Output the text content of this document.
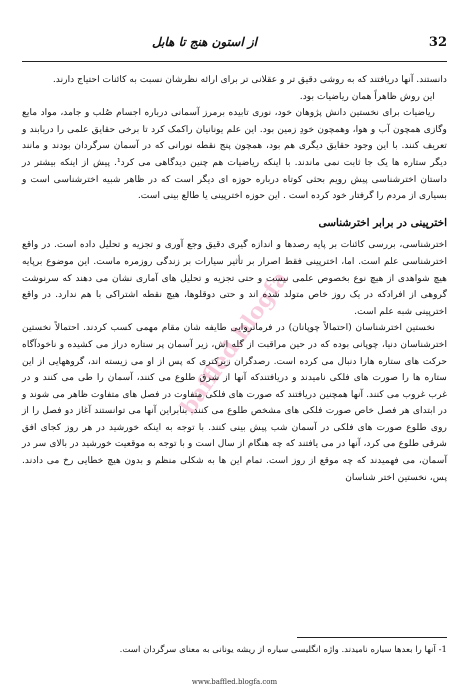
32
از استون هنج تا هابل
baffled.blogfa

دانستند. آنها دریافتند که به روشی دقیق تر و عقلانی تر برای ارائه نظرشان نسبت به کائنات احتیاج دارند.

این روش ظاهراً همان ریاضیات بود.

ریاضیات برای نخستین دانش پژوهان خود، نوری تابیده برمرز آسمانی درباره اجسام صُلب و جامد، مواد مایع وگازی همچون آب و هوا، وهمچون خودِ زمین بود. این علم یونانیان راکمک کرد تا برخی حقایق علمی را دریابند و تعریف کنند. با این وجود حقایق دیگری هم بود، همچون پنج نقطه نورانی که در آسمان سرگردان بودند و مانند دیگر ستاره ها یک جا ثابت نمی ماندند. با اینکه ریاضیات هم چنین دیدگاهی می کرد¹. پیش از اینکه بیشتر در داستان اخترشناسی پیش رویم بحثی کوتاه درباره حوزه ای دیگر است که در ظاهر شبیه اخترشناسی است و بسیاری از مردم را گرفتار خود کرده است . این حوزه اخترپینی یا طالع بینی است.

اخترپینی در برابر اخترشناسی

اخترشناسی، بررسی کائنات بر پایه رصدها و اندازه گیری دقیق وجع آوری و تجزیه و تحلیل داده است. در واقع اخترشناسی علم است. اما، اخترپینی فقط اصرار بر تأثیر سیارات بر زندگی روزمره ماست. این موضوع برپایه هیچ شواهدی از هیچ نوع بخصوص علمی نیست و حتی تجزیه و تحلیل های آماری نشان می دهند که سرنوشت گروهی از افرادکه در یک روز خاص متولد شده اند و حتی دوقلوها، هیچ نقطه اشتراکی با هم ندارد. در واقع اخترپینی شبه علم است.

نخستین اخترشناسان (احتمالاً چوپانان) در فرمانروایی طایفه شان مقام مهمی کسب کردند. احتمالاً نخستین اخترشناسان دنیا، چوپانی بوده که در حین مراقبت از گله اش، زیر آسمان پر ستاره دراز می کشیده و ناخودآگاه حرکت های ستاره هارا دنبال می کرده است. رصدگران زیرکتری که پس از او می زیسته اند، گروههایی از این ستاره ها را صورت های فلکی نامیدند و دریافتندکه آنها از شرق طلوع می کنند، آسمان را طی می کنند و در غرب غروب می کنند. آنها همچنین دریافتند که صورت های فلکی متفاوت در فصل های متفاوت ظاهر می شوند و در ابتدای هر فصل خاص صورت فلکی های مشخص طلوع می کنند. بنابراین آنها می توانستند آغاز دو فصل را از روی طلوع صورت های فلکی در آسمان شب پیش بینی کنند. با توجه به اینکه خورشید در هر روز کجای افق شرقی طلوع می کرد، آنها در می یافتند که چه هنگام از سال است و با توجه به موقعیت خورشید در بالای سر در آسمان، می فهمیدند که چه موقع از روز است. تمام این ها به شکلی منظم و بدون هیچ خطایی رخ می دادند. پس، نخستین اختر شناسان

1- آنها را بعدها سیاره نامیدند. واژه انگلیسی سیاره از ریشه یونانی به معنای سرگردان است.
www.baffled.blogfa.com
